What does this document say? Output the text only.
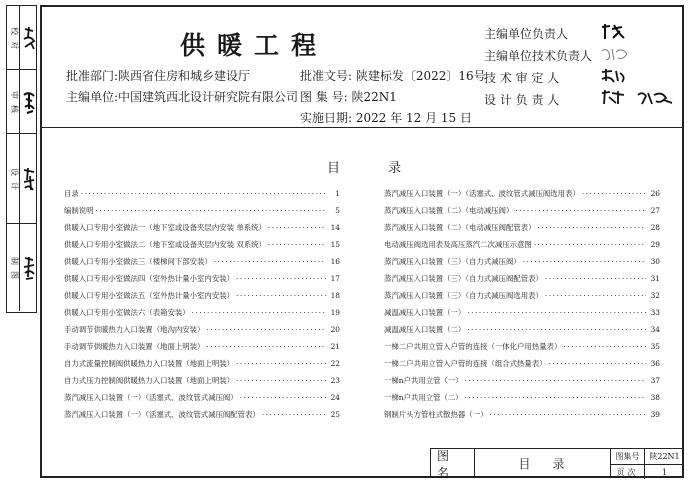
校
对
审
核
设
计
制
图
供暖工程
批准部门:陕西省住房和城乡建设厅
主编单位:中国建筑西北设计研究院有限公司
批准文号: 陕建标发〔2022〕16号
图 集 号: 陕22N1
实施日期: 2022 年 12 月 15 日
主编单位负责人
主编单位技术负责人
技 术 审 定 人
设 计 负 责 人
目 录
目录 ·····	1
编制说明 ·····	5
供暖入口专用小室做法一（地下室或设备夹层内安装 单系统） ·····	14
供暖入口专用小室做法二（地下室或设备夹层内安装 双系统） ·····	15
供暖入口专用小室做法三（楼梯间下部安装） ·····	16
供暖入口专用小室做法四（室外热计量小室内安装） ·····	17
供暖入口专用小室做法五（室外热计量小室内安装） ·····	18
供暖入口专用小室做法六（表箱安装） ·····	19
手动调节供暖热力入口装置（地沟内安装） ·····	20
手动调节供暖热力入口装置（地面上明装） ·····	21
自力式流量控制阀供暖热力入口装置（地面上明装） ·····	22
自力式压力控制阀供暖热力入口装置（地面上明装） ·····	23
蒸汽减压入口装置（一）（活塞式、波纹管式减压阀） ·····	24
蒸汽减压入口装置（一）（活塞式、波纹管式减压阀配管表） ·····	25
蒸汽减压入口装置（一）（活塞式、波纹管式减压阀选用表） ·····	26
蒸汽减压入口装置（二）（电动减压阀） ·····	27
蒸汽减压入口装置（二）（电动减压阀配管表） ·····	28
电动减压阀选用表及高压蒸汽二次减压示意图 ·····	29
蒸汽减压入口装置（三）（自力式减压阀） ·····	30
蒸汽减压入口装置（三）（自力式减压阀配管表） ·····	31
蒸汽减压入口装置（三）（自力式减压阀选用表） ·····	32
减温减压入口装置（一） ·····	33
减温减压入口装置（二） ·····	34
一梯二户共用立管入户管的连接（一体化户用热量表） ·····	35
一梯二户共用立管入户管的连接（组合式热量表） ·····	36
一梯n户共用立管（一） ·····	37
一梯n户共用立管（二） ·····	38
钢制片头方管柱式散热器（一） ·····	39
图名
目录
图集号	陕22N1
页次	1
